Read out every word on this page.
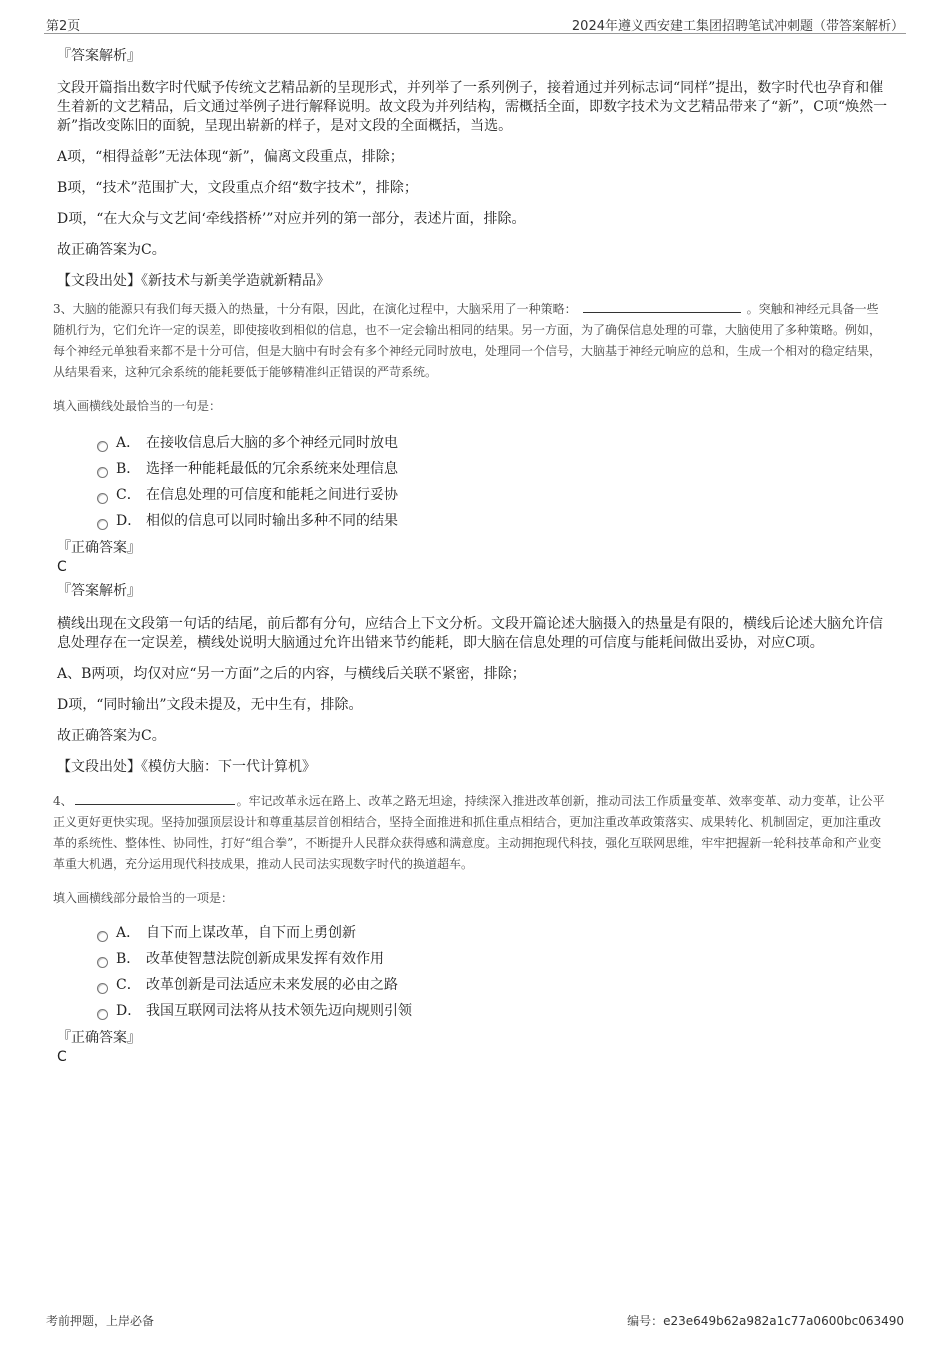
第2页	2024年遵义西安建工集团招聘笔试冲刺题（带答案解析）

『答案解析』

文段开篇指出数字时代赋予传统文艺精品新的呈现形式，并列举了一系列例子，接着通过并列标志词“同样”提出，数字时代也孕育和催生着新的文艺精品，后文通过举例子进行解释说明。故文段为并列结构，需概括全面，即数字技术为文艺精品带来了“新”，C项“焕然一新”指改变陈旧的面貌，呈现出崭新的样子，是对文段的全面概括，当选。

A项，“相得益彰”无法体现“新”，偏离文段重点，排除；

B项，“技术”范围扩大，文段重点介绍“数字技术”，排除；

D项，“在大众与文艺间‘牵线搭桥’”对应并列的第一部分，表述片面，排除。

故正确答案为C。

【文段出处】《新技术与新美学造就新精品》

3、大脑的能源只有我们每天摄入的热量，十分有限，因此，在演化过程中，大脑采用了一种策略：	。突触和神经元具备一些随机行为，它们允许一定的误差，即使接收到相似的信息，也不一定会输出相同的结果。另一方面，为了确保信息处理的可靠，大脑使用了多种策略。例如，每个神经元单独看来都不是十分可信，但是大脑中有时会有多个神经元同时放电，处理同一个信号，大脑基于神经元响应的总和，生成一个相对的稳定结果，从结果看来，这种冗余系统的能耗要低于能够精准纠正错误的严苛系统。

填入画横线处最恰当的一句是：

A． 在接收信息后大脑的多个神经元同时放电
B． 选择一种能耗最低的冗余系统来处理信息
C． 在信息处理的可信度和能耗之间进行妥协
D． 相似的信息可以同时输出多种不同的结果

『正确答案』

C

『答案解析』

横线出现在文段第一句话的结尾，前后都有分句，应结合上下文分析。文段开篇论述大脑摄入的热量是有限的，横线后论述大脑允许信息处理存在一定误差，横线处说明大脑通过允许出错来节约能耗，即大脑在信息处理的可信度与能耗间做出妥协，对应C项。

A、B两项，均仅对应“另一方面”之后的内容，与横线后关联不紧密，排除；

D项，“同时输出”文段未提及，无中生有，排除。

故正确答案为C。

【文段出处】《模仿大脑：下一代计算机》

4、	。牢记改革永远在路上、改革之路无坦途，持续深入推进改革创新，推动司法工作质量变革、效率变革、动力变革，让公平正义更好更快实现。坚持加强顶层设计和尊重基层首创相结合，坚持全面推进和抓住重点相结合，更加注重改革政策落实、成果转化、机制固定，更加注重改革的系统性、整体性、协同性，打好“组合拳”，不断提升人民群众获得感和满意度。主动拥抱现代科技，强化互联网思维，牢牢把握新一轮科技革命和产业变革重大机遇，充分运用现代科技成果，推动人民司法实现数字时代的换道超车。

填入画横线部分最恰当的一项是：

A． 自下而上谋改革，自下而上勇创新
B． 改革使智慧法院创新成果发挥有效作用
C． 改革创新是司法适应未来发展的必由之路
D． 我国互联网司法将从技术领先迈向规则引领

『正确答案』

C

考前押题，上岸必备	编号：e23e649b62a982a1c77a0600bc063490
